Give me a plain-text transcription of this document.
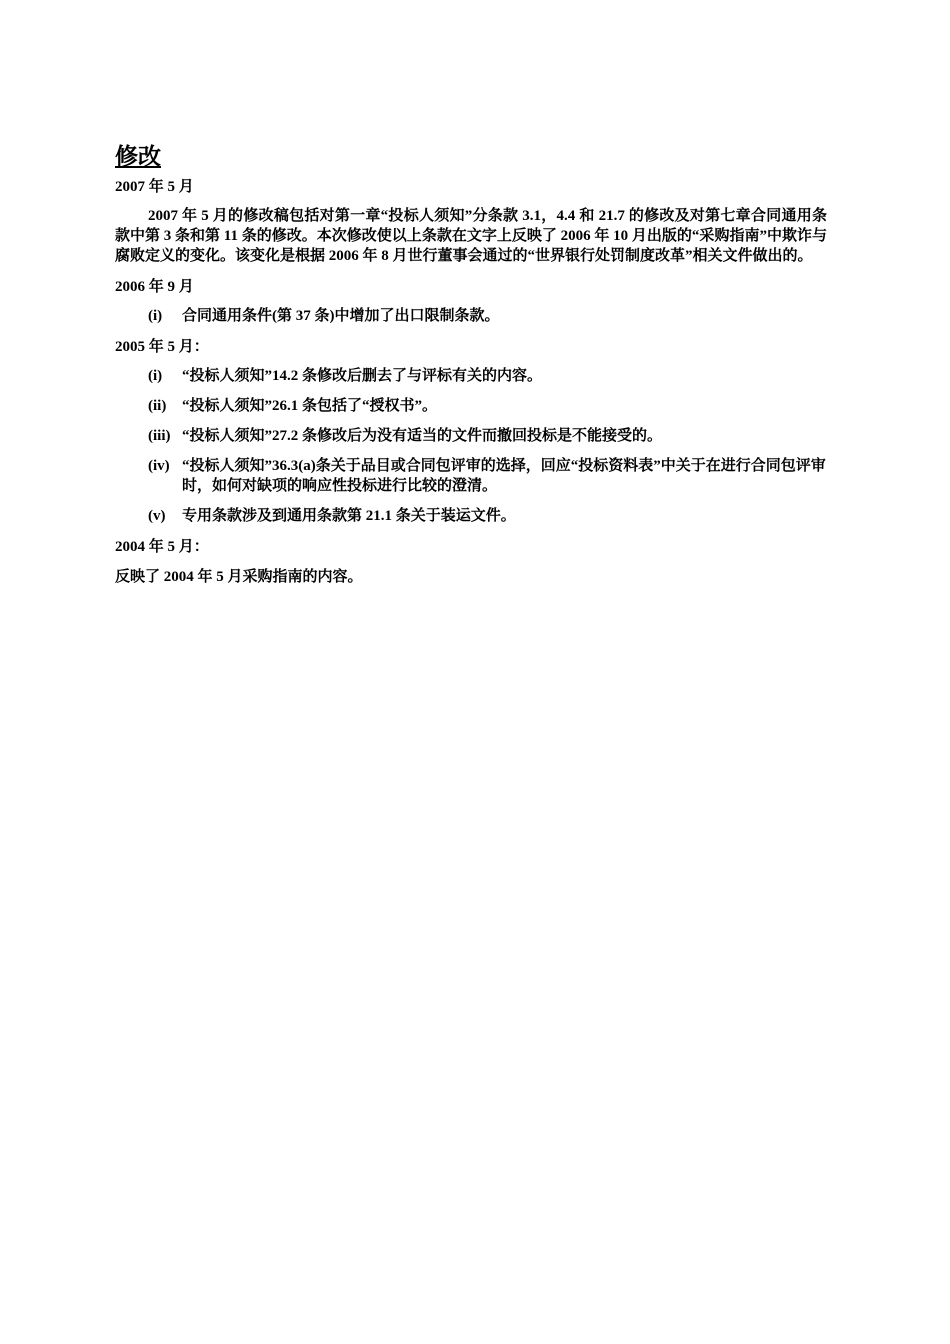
修改
2007 年 5 月
2007 年 5 月的修改稿包括对第一章“投标人须知”分条款 3.1，4.4 和 21.7 的修改及对第七章合同通用条款中第 3 条和第 11 条的修改。本次修改使以上条款在文字上反映了 2006 年 10 月出版的“采购指南”中欺诈与腐败定义的变化。该变化是根据 2006 年 8 月世行董事会通过的“世界银行处罚制度改革”相关文件做出的。
2006 年 9 月
(i)	合同通用条件(第 37 条)中增加了出口限制条款。
2005 年 5 月：
(i)	“投标人须知”14.2 条修改后删去了与评标有关的内容。
(ii)	“投标人须知”26.1 条包括了“授权书”。
(iii) “投标人须知”27.2 条修改后为没有适当的文件而撤回投标是不能接受的。
(iv) “投标人须知”36.3(a)条关于品目或合同包评审的选择，回应“投标资料表”中关于在进行合同包评审时，如何对缺项的响应性投标进行比较的澄清。
(v)	专用条款涉及到通用条款第 21.1 条关于装运文件。
2004 年 5 月：
反映了 2004 年 5 月采购指南的内容。
